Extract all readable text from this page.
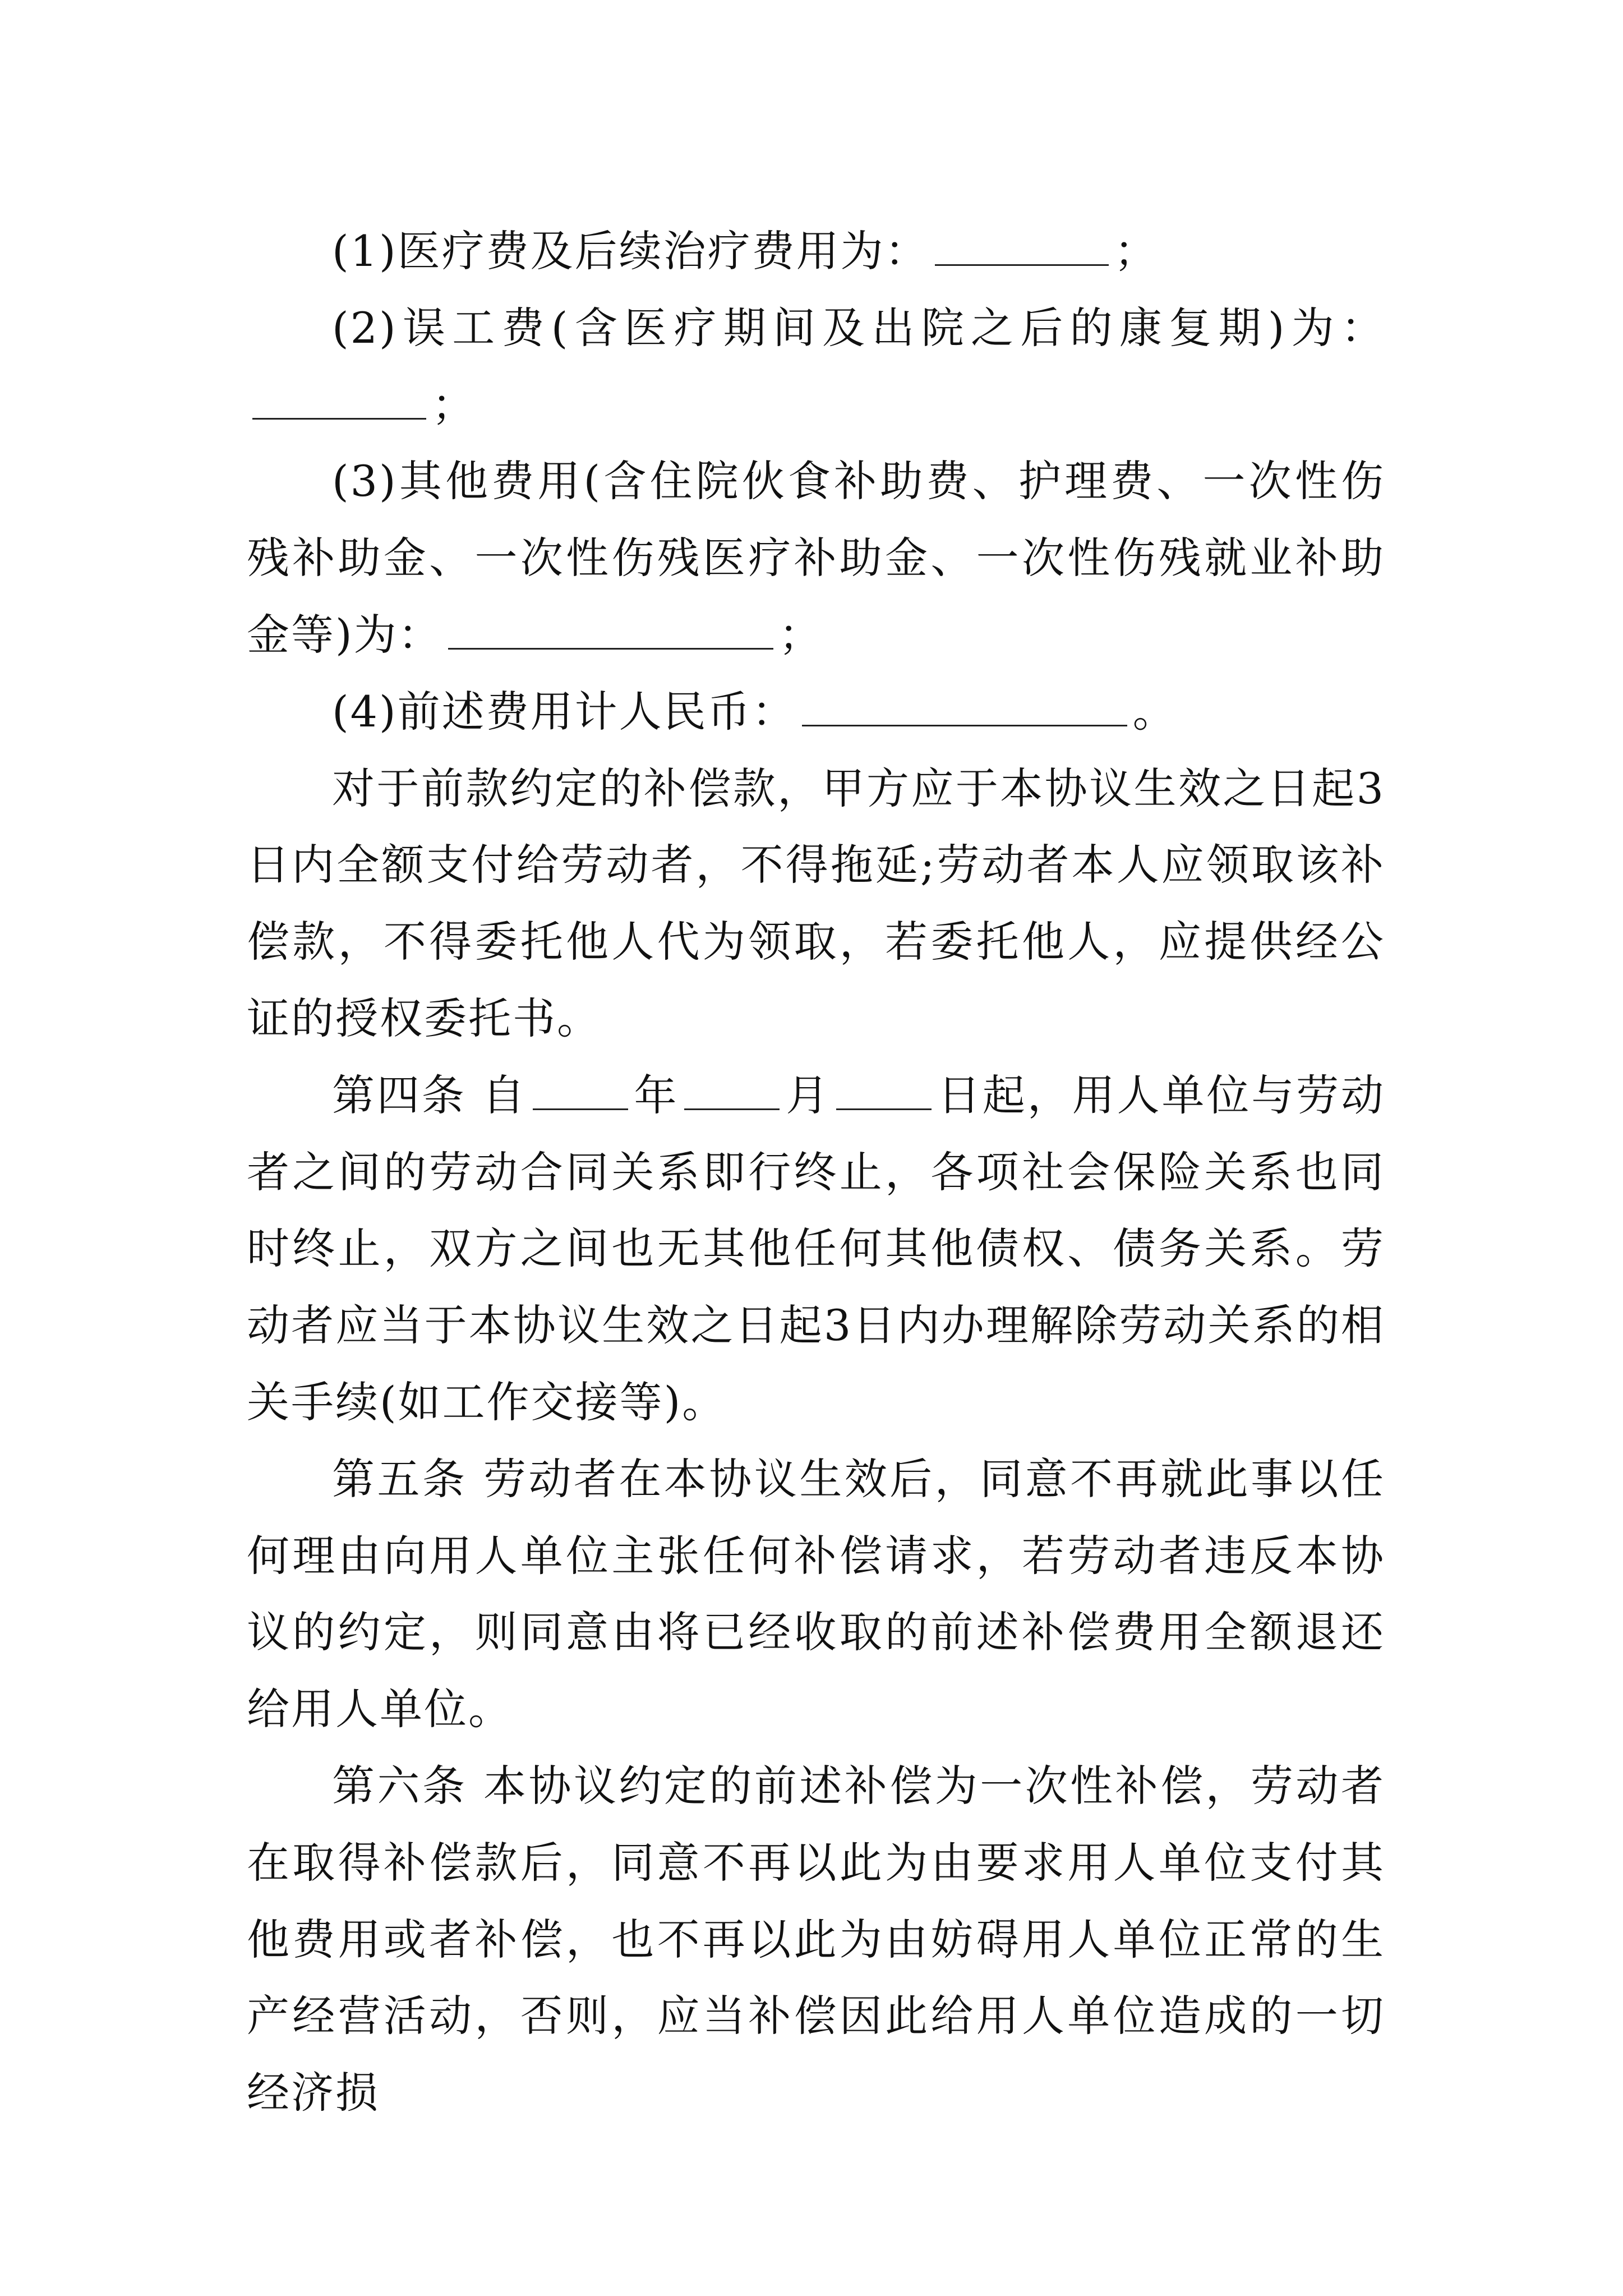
(1)医疗费及后续治疗费用为：	；

(2)误工费(含医疗期间及出院之后的康复期)为：；

(3)其他费用(含住院伙食补助费、护理费、一次性伤残补助金、一次性伤残医疗补助金、一次性伤残就业补助金等)为：	；

(4)前述费用计人民币：	。

对于前款约定的补偿款，甲方应于本协议生效之日起3日内全额支付给劳动者，不得拖延;劳动者本人应领取该补偿款，不得委托他人代为领取，若委托他人，应提供经公证的授权委托书。

第四条 自	年	月	日起，用人单位与劳动者之间的劳动合同关系即行终止，各项社会保险关系也同时终止，双方之间也无其他任何其他债权、债务关系。劳动者应当于本协议生效之日起3日内办理解除劳动关系的相关手续(如工作交接等)。

第五条 劳动者在本协议生效后，同意不再就此事以任何理由向用人单位主张任何补偿请求，若劳动者违反本协议的约定，则同意由将已经收取的前述补偿费用全额退还给用人单位。

第六条 本协议约定的前述补偿为一次性补偿，劳动者在取得补偿款后，同意不再以此为由要求用人单位支付其他费用或者补偿，也不再以此为由妨碍用人单位正常的生产经营活动，否则，应当补偿因此给用人单位造成的一切经济损
